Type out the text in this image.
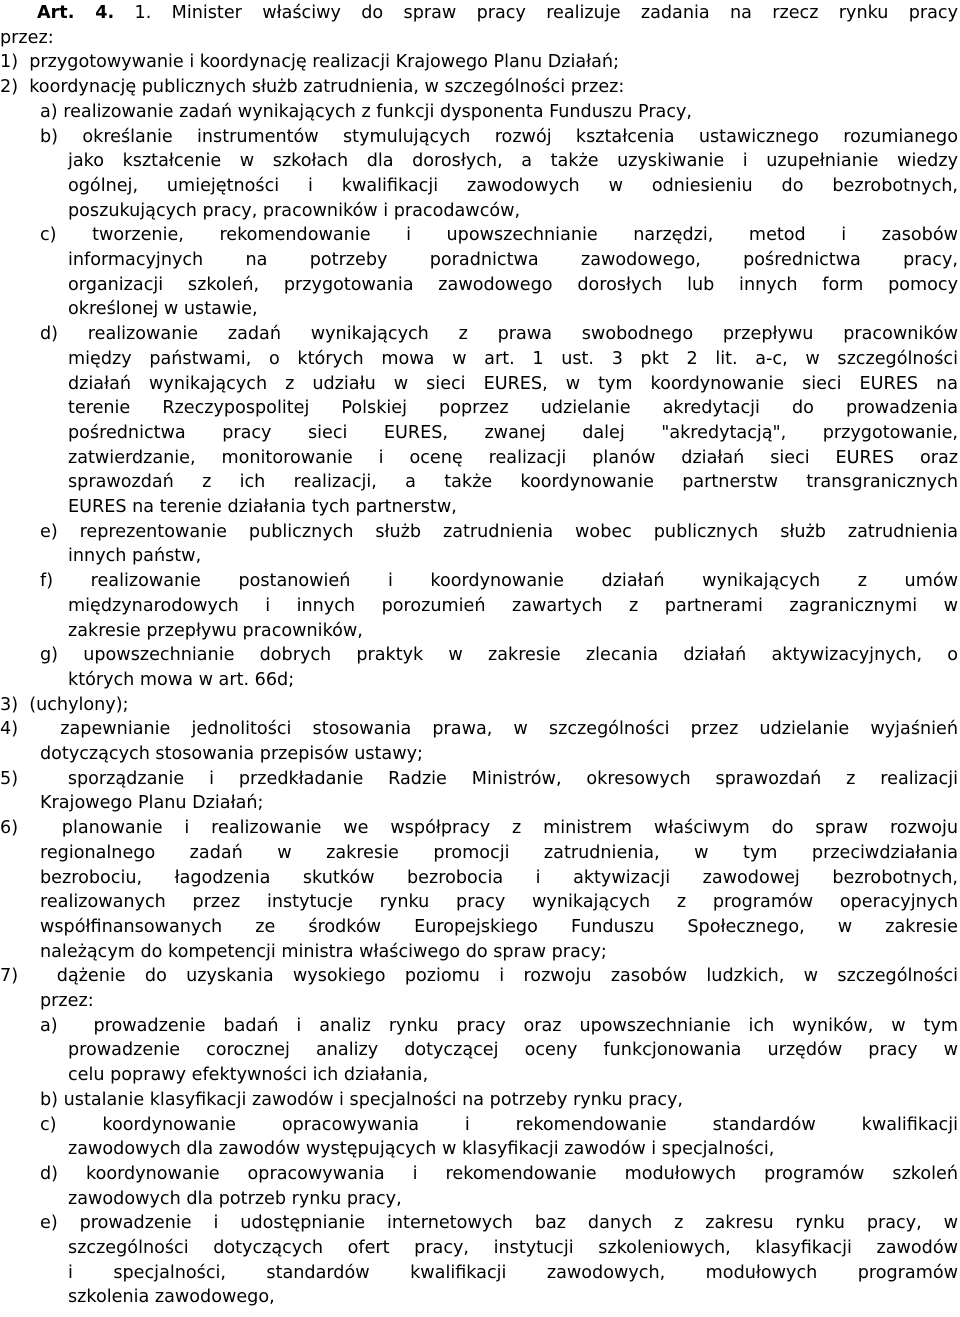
Art. 4. 1. Minister właściwy do spraw pracy realizuje zadania na rzecz rynku pracy
przez:
1)  przygotowywanie i koordynację realizacji Krajowego Planu Działań;
2)  koordynację publicznych służb zatrudnienia, w szczególności przez:
a) realizowanie zadań wynikających z funkcji dysponenta Funduszu Pracy,
b) określanie instrumentów stymulujących rozwój kształcenia ustawicznego rozumianego
jako kształcenie w szkołach dla dorosłych, a także uzyskiwanie i uzupełnianie wiedzy
ogólnej, umiejętności i kwalifikacji zawodowych w odniesieniu do bezrobotnych,
poszukujących pracy, pracowników i pracodawców,
c) tworzenie, rekomendowanie i upowszechnianie narzędzi, metod i zasobów
informacyjnych na potrzeby poradnictwa zawodowego, pośrednictwa pracy,
organizacji szkoleń, przygotowania zawodowego dorosłych lub innych form pomocy
określonej w ustawie,
d) realizowanie zadań wynikających z prawa swobodnego przepływu pracowników
między państwami, o których mowa w art. 1 ust. 3 pkt 2 lit. a-c, w szczególności
działań wynikających z udziału w sieci EURES, w tym koordynowanie sieci EURES na
terenie Rzeczypospolitej Polskiej poprzez udzielanie akredytacji do prowadzenia
pośrednictwa pracy sieci EURES, zwanej dalej "akredytacją", przygotowanie,
zatwierdzanie, monitorowanie i ocenę realizacji planów działań sieci EURES oraz
sprawozdań z ich realizacji, a także koordynowanie partnerstw transgranicznych
EURES na terenie działania tych partnerstw,
e) reprezentowanie publicznych służb zatrudnienia wobec publicznych służb zatrudnienia
innych państw,
f) realizowanie postanowień i koordynowanie działań wynikających z umów
międzynarodowych i innych porozumień zawartych z partnerami zagranicznymi w
zakresie przepływu pracowników,
g) upowszechnianie dobrych praktyk w zakresie zlecania działań aktywizacyjnych, o
których mowa w art. 66d;
3)  (uchylony);
4)  zapewnianie jednolitości stosowania prawa, w szczególności przez udzielanie wyjaśnień
dotyczących stosowania przepisów ustawy;
5)  sporządzanie i przedkładanie Radzie Ministrów, okresowych sprawozdań z realizacji
Krajowego Planu Działań;
6)  planowanie i realizowanie we współpracy z ministrem właściwym do spraw rozwoju
regionalnego zadań w zakresie promocji zatrudnienia, w tym przeciwdziałania
bezrobociu, łagodzenia skutków bezrobocia i aktywizacji zawodowej bezrobotnych,
realizowanych przez instytucje rynku pracy wynikających z programów operacyjnych
współfinansowanych ze środków Europejskiego Funduszu Społecznego, w zakresie
należącym do kompetencji ministra właściwego do spraw pracy;
7)  dążenie do uzyskania wysokiego poziomu i rozwoju zasobów ludzkich, w szczególności
przez:
a)  prowadzenie badań i analiz rynku pracy oraz upowszechnianie ich wyników, w tym
prowadzenie corocznej analizy dotyczącej oceny funkcjonowania urzędów pracy w
celu poprawy efektywności ich działania,
b) ustalanie klasyfikacji zawodów i specjalności na potrzeby rynku pracy,
c) koordynowanie opracowywania i rekomendowanie standardów kwalifikacji
zawodowych dla zawodów występujących w klasyfikacji zawodów i specjalności,
d) koordynowanie opracowywania i rekomendowanie modułowych programów szkoleń
zawodowych dla potrzeb rynku pracy,
e) prowadzenie i udostępnianie internetowych baz danych z zakresu rynku pracy, w
szczególności dotyczących ofert pracy, instytucji szkoleniowych, klasyfikacji zawodów
i specjalności, standardów kwalifikacji zawodowych, modułowych programów
szkolenia zawodowego,
